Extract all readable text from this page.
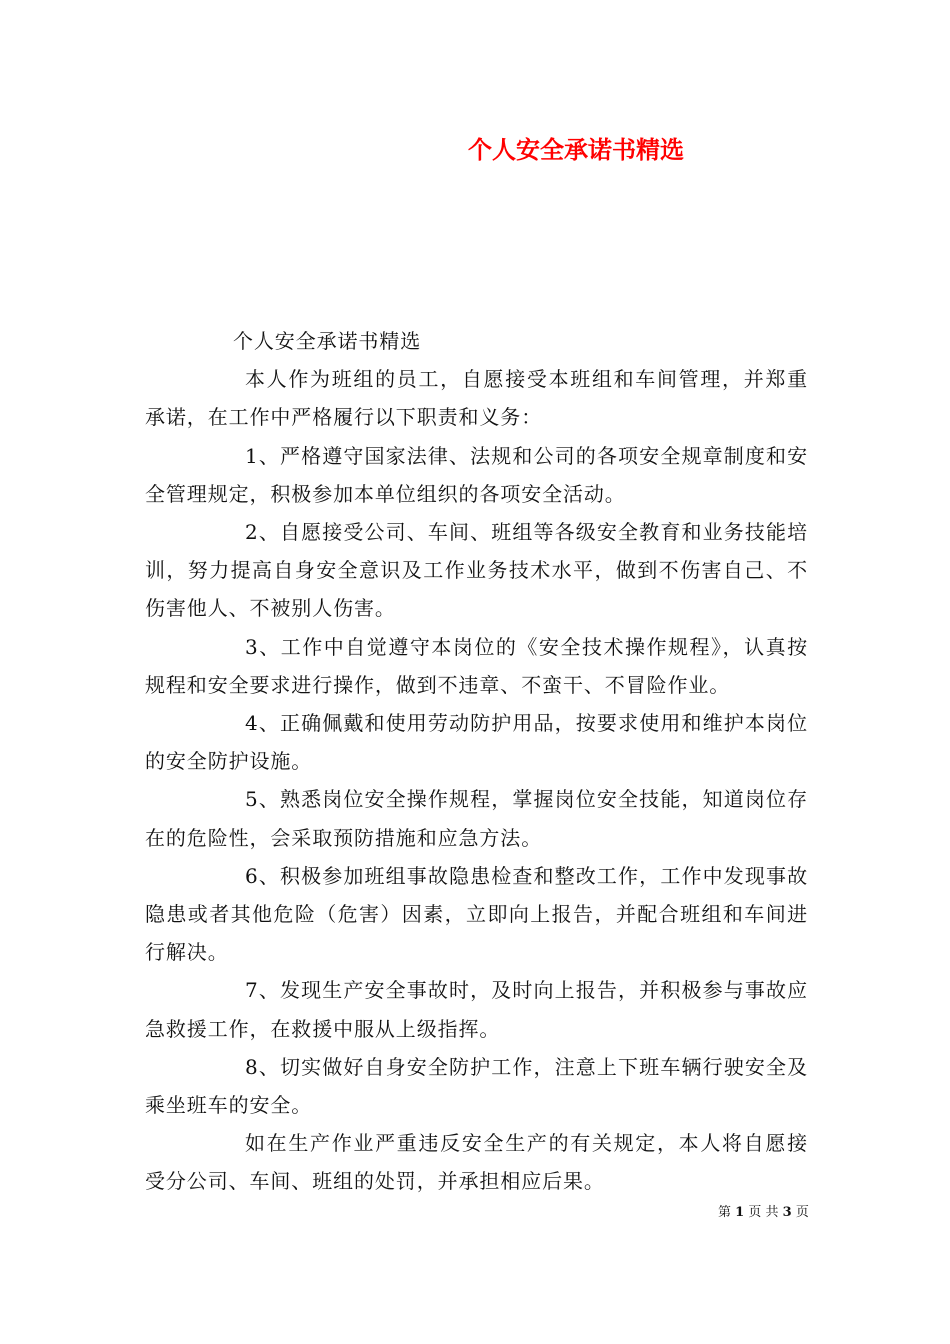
个人安全承诺书精选

个人安全承诺书精选

本人作为班组的员工，自愿接受本班组和车间管理，并郑重承诺，在工作中严格履行以下职责和义务：

1、严格遵守国家法律、法规和公司的各项安全规章制度和安全管理规定，积极参加本单位组织的各项安全活动。

2、自愿接受公司、车间、班组等各级安全教育和业务技能培训，努力提高自身安全意识及工作业务技术水平，做到不伤害自己、不伤害他人、不被别人伤害。

3、工作中自觉遵守本岗位的《安全技术操作规程》，认真按规程和安全要求进行操作，做到不违章、不蛮干、不冒险作业。

4、正确佩戴和使用劳动防护用品，按要求使用和维护本岗位的安全防护设施。

5、熟悉岗位安全操作规程，掌握岗位安全技能，知道岗位存在的危险性，会采取预防措施和应急方法。

6、积极参加班组事故隐患检查和整改工作，工作中发现事故隐患或者其他危险（危害）因素，立即向上报告，并配合班组和车间进行解决。

7、发现生产安全事故时，及时向上报告，并积极参与事故应急救援工作，在救援中服从上级指挥。

8、切实做好自身安全防护工作，注意上下班车辆行驶安全及乘坐班车的安全。

如在生产作业严重违反安全生产的有关规定，本人将自愿接受分公司、车间、班组的处罚，并承担相应后果。

第 1 页 共 3 页
